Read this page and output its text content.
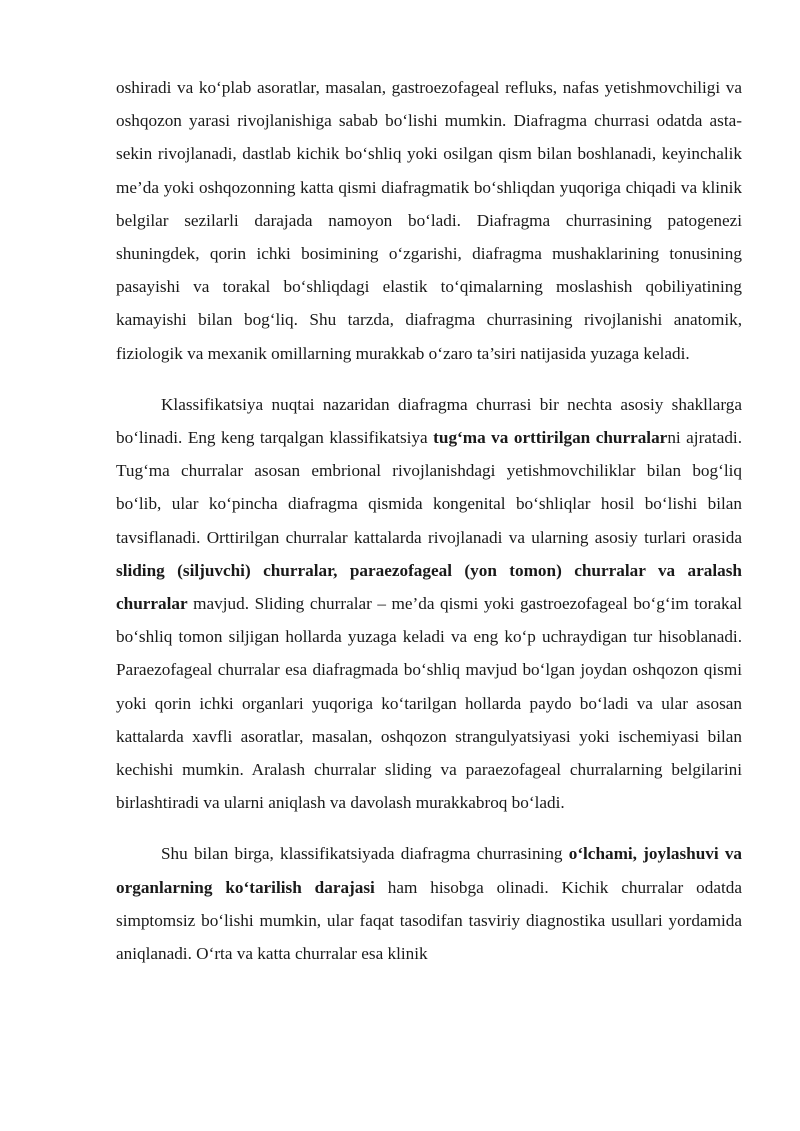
oshiradi va ko‘plab asoratlar, masalan, gastroezofageal refluks, nafas yetishmovchiligi va oshqozon yarasi rivojlanishiga sabab bo‘lishi mumkin. Diafragma churrasi odatda asta-sekin rivojlanadi, dastlab kichik bo‘shliq yoki osilgan qism bilan boshlanadi, keyinchalik me’da yoki oshqozonning katta qismi diafragmatik bo‘shliqdan yuqoriga chiqadi va klinik belgilar sezilarli darajada namoyon bo‘ladi. Diafragma churrasining patogenezi shuningdek, qorin ichki bosimining o‘zgarishi, diafragma mushaklarining tonusining pasayishi va torakal bo‘shliqdagi elastik to‘qimalarning moslashish qobiliyatining kamayishi bilan bog‘liq. Shu tarzda, diafragma churrasining rivojlanishi anatomik, fiziologik va mexanik omillarning murakkab o‘zaro ta’siri natijasida yuzaga keladi.

Klassifikatsiya nuqtai nazaridan diafragma churrasi bir nechta asosiy shakllarga bo‘linadi. Eng keng tarqalgan klassifikatsiya tug‘ma va orttirilgan churralarni ajratadi. Tug‘ma churralar asosan embrional rivojlanishdagi yetishmovchiliklar bilan bog‘liq bo‘lib, ular ko‘pincha diafragma qismida kongenital bo‘shliqlar hosil bo‘lishi bilan tavsiflanadi. Orttirilgan churralar kattalarda rivojlanadi va ularning asosiy turlari orasida sliding (siljuvchi) churralar, paraezofageal (yon tomon) churralar va aralash churralar mavjud. Sliding churralar – me’da qismi yoki gastroezofageal bo‘g‘im torakal bo‘shliq tomon siljigan hollarda yuzaga keladi va eng ko‘p uchraydigan tur hisoblanadi. Paraezofageal churralar esa diafragmada bo‘shliq mavjud bo‘lgan joydan oshqozon qismi yoki qorin ichki organlari yuqoriga ko‘tarilgan hollarda paydo bo‘ladi va ular asosan kattalarda xavfli asoratlar, masalan, oshqozon strangulyatsiyasi yoki ischemiyasi bilan kechishi mumkin. Aralash churralar sliding va paraezofageal churralarning belgilarini birlashtiradi va ularni aniqlash va davolash murakkabroq bo‘ladi.

Shu bilan birga, klassifikatsiyada diafragma churrasining o‘lchami, joylashuvi va organlarning ko‘tarilish darajasi ham hisobga olinadi. Kichik churralar odatda simptomsiz bo‘lishi mumkin, ular faqat tasodifan tasviriy diagnostika usullari yordamida aniqlanadi. O‘rta va katta churralar esa klinik
